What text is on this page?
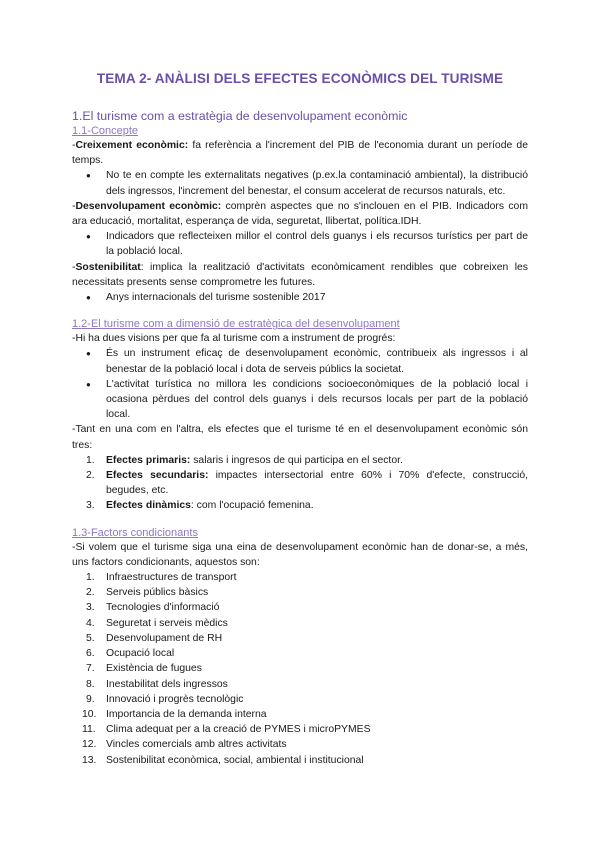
TEMA 2- ANÀLISI DELS EFECTES ECONÒMICS DEL TURISME
1.El turisme com a estratègia de desenvolupament econòmic
1.1-Concepte

-Creixement econòmic: fa referència a l'increment del PIB de l'economia durant un període de temps.

● No te en compte les externalitats negatives (p.ex.la contaminació ambiental), la distribució dels ingressos, l'increment del benestar, el consum accelerat de recursos naturals, etc.

-Desenvolupament econòmic: comprèn aspectes que no s'inclouen en el PIB. Indicadors com ara educació, mortalitat, esperança de vida, seguretat, llibertat, política.IDH.

● Indicadors que reflecteixen millor el control dels guanys i els recursos turístics per part de la població local.

-Sostenibilitat: implica la realització d'activitats econòmicament rendibles que cobreixen les necessitats presents sense comprometre les futures.

● Anys internacionals del turisme sostenible 2017
1.2-El turisme com a dimensió de estratègica del desenvolupament

-Hi ha dues visions per que fa al turisme com a instrument de progrés:

● És un instrument eficaç de desenvolupament econòmic, contribueix als ingressos i al benestar de la població local i dota de serveis públics la societat.
● L'activitat turística no millora les condicions socioeconòmiques de la població local i ocasiona pèrdues del control dels guanys i dels recursos locals per part de la població local.

-Tant en una com en l'altra, els efectes que el turisme té en el desenvolupament econòmic són tres:

1.	Efectes primaris: salaris i ingresos de qui participa en el sector.
2.	Efectes secundaris: impactes intersectorial entre 60% i 70% d'efecte, construcció, begudes, etc.
3.	Efectes dinàmics: com l'ocupació femenina.
1.3-Factors condicionants

-Si volem que el turisme siga una eina de desenvolupament econòmic han de donar-se, a més, uns factors condicionants, aquestos son:

1.	Infraestructures de transport
2.	Serveis públics bàsics
3.	Tecnologies d'informació
4.	Seguretat i serveis mèdics
5.	Desenvolupament de RH
6.	Ocupació local
7.	Existència de fugues
8.	Inestabilitat dels ingressos
9.	Innovació i progrès tecnològic
10. Importancia de la demanda interna
11. Clima adequat per a la creació de PYMES i microPYMES
12. Vincles comercials amb altres activitats
13. Sostenibilitat econòmica, social, ambiental i institucional
